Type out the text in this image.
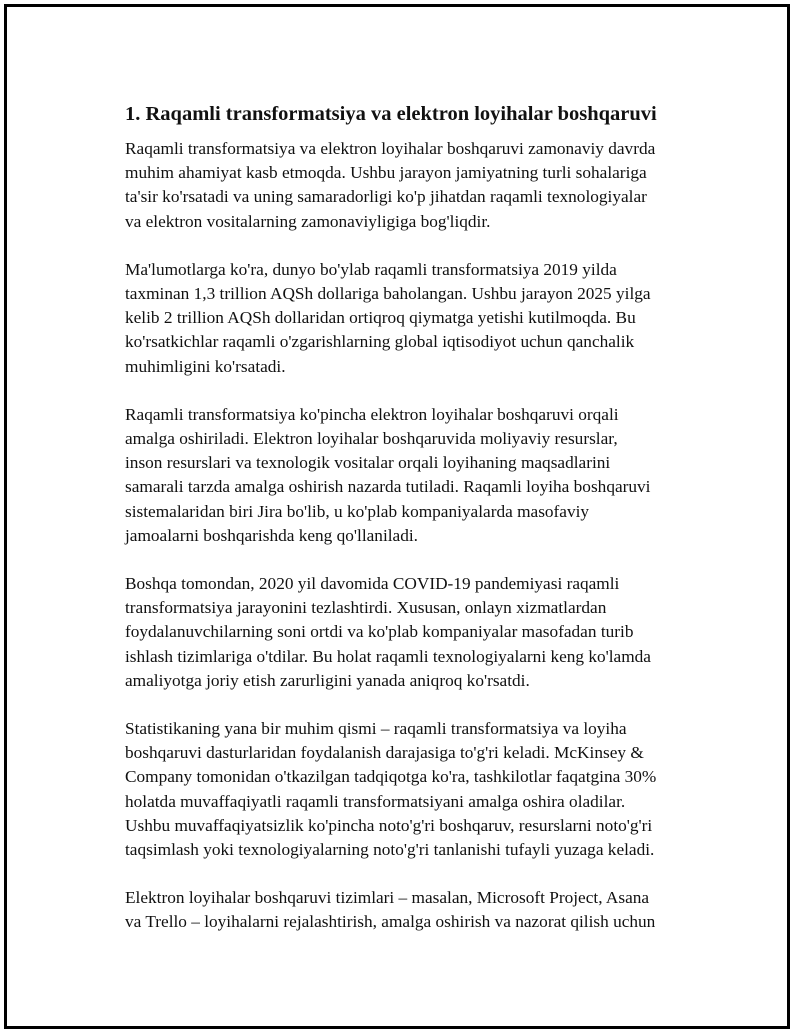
1. Raqamli transformatsiya va elektron loyihalar boshqaruvi

Raqamli transformatsiya va elektron loyihalar boshqaruvi zamonaviy davrda
muhim ahamiyat kasb etmoqda. Ushbu jarayon jamiyatning turli sohalariga
ta'sir ko'rsatadi va uning samaradorligi ko'p jihatdan raqamli texnologiyalar
va elektron vositalarning zamonaviyligiga bog'liqdir.

Ma'lumotlarga ko'ra, dunyo bo'ylab raqamli transformatsiya 2019 yilda
taxminan 1,3 trillion AQSh dollariga baholangan. Ushbu jarayon 2025 yilga
kelib 2 trillion AQSh dollaridan ortiqroq qiymatga yetishi kutilmoqda. Bu
ko'rsatkichlar raqamli o'zgarishlarning global iqtisodiyot uchun qanchalik
muhimligini ko'rsatadi.

Raqamli transformatsiya ko'pincha elektron loyihalar boshqaruvi orqali
amalga oshiriladi. Elektron loyihalar boshqaruvida moliyaviy resurslar,
inson resurslari va texnologik vositalar orqali loyihaning maqsadlarini
samarali tarzda amalga oshirish nazarda tutiladi. Raqamli loyiha boshqaruvi
sistemalaridan biri Jira bo'lib, u ko'plab kompaniyalarda masofaviy
jamoalarni boshqarishda keng qo'llaniladi.

Boshqa tomondan, 2020 yil davomida COVID-19 pandemiyasi raqamli
transformatsiya jarayonini tezlashtirdi. Xususan, onlayn xizmatlardan
foydalanuvchilarning soni ortdi va ko'plab kompaniyalar masofadan turib
ishlash tizimlariga o'tdilar. Bu holat raqamli texnologiyalarni keng ko'lamda
amaliyotga joriy etish zarurligini yanada aniqroq ko'rsatdi.

Statistikaning yana bir muhim qismi – raqamli transformatsiya va loyiha
boshqaruvi dasturlaridan foydalanish darajasiga to'g'ri keladi. McKinsey &
Company tomonidan o'tkazilgan tadqiqotga ko'ra, tashkilotlar faqatgina 30%
holatda muvaffaqiyatli raqamli transformatsiyani amalga oshira oladilar.
Ushbu muvaffaqiyatsizlik ko'pincha noto'g'ri boshqaruv, resurslarni noto'g'ri
taqsimlash yoki texnologiyalarning noto'g'ri tanlanishi tufayli yuzaga keladi.

Elektron loyihalar boshqaruvi tizimlari – masalan, Microsoft Project, Asana
va Trello – loyihalarni rejalashtirish, amalga oshirish va nazorat qilish uchun
